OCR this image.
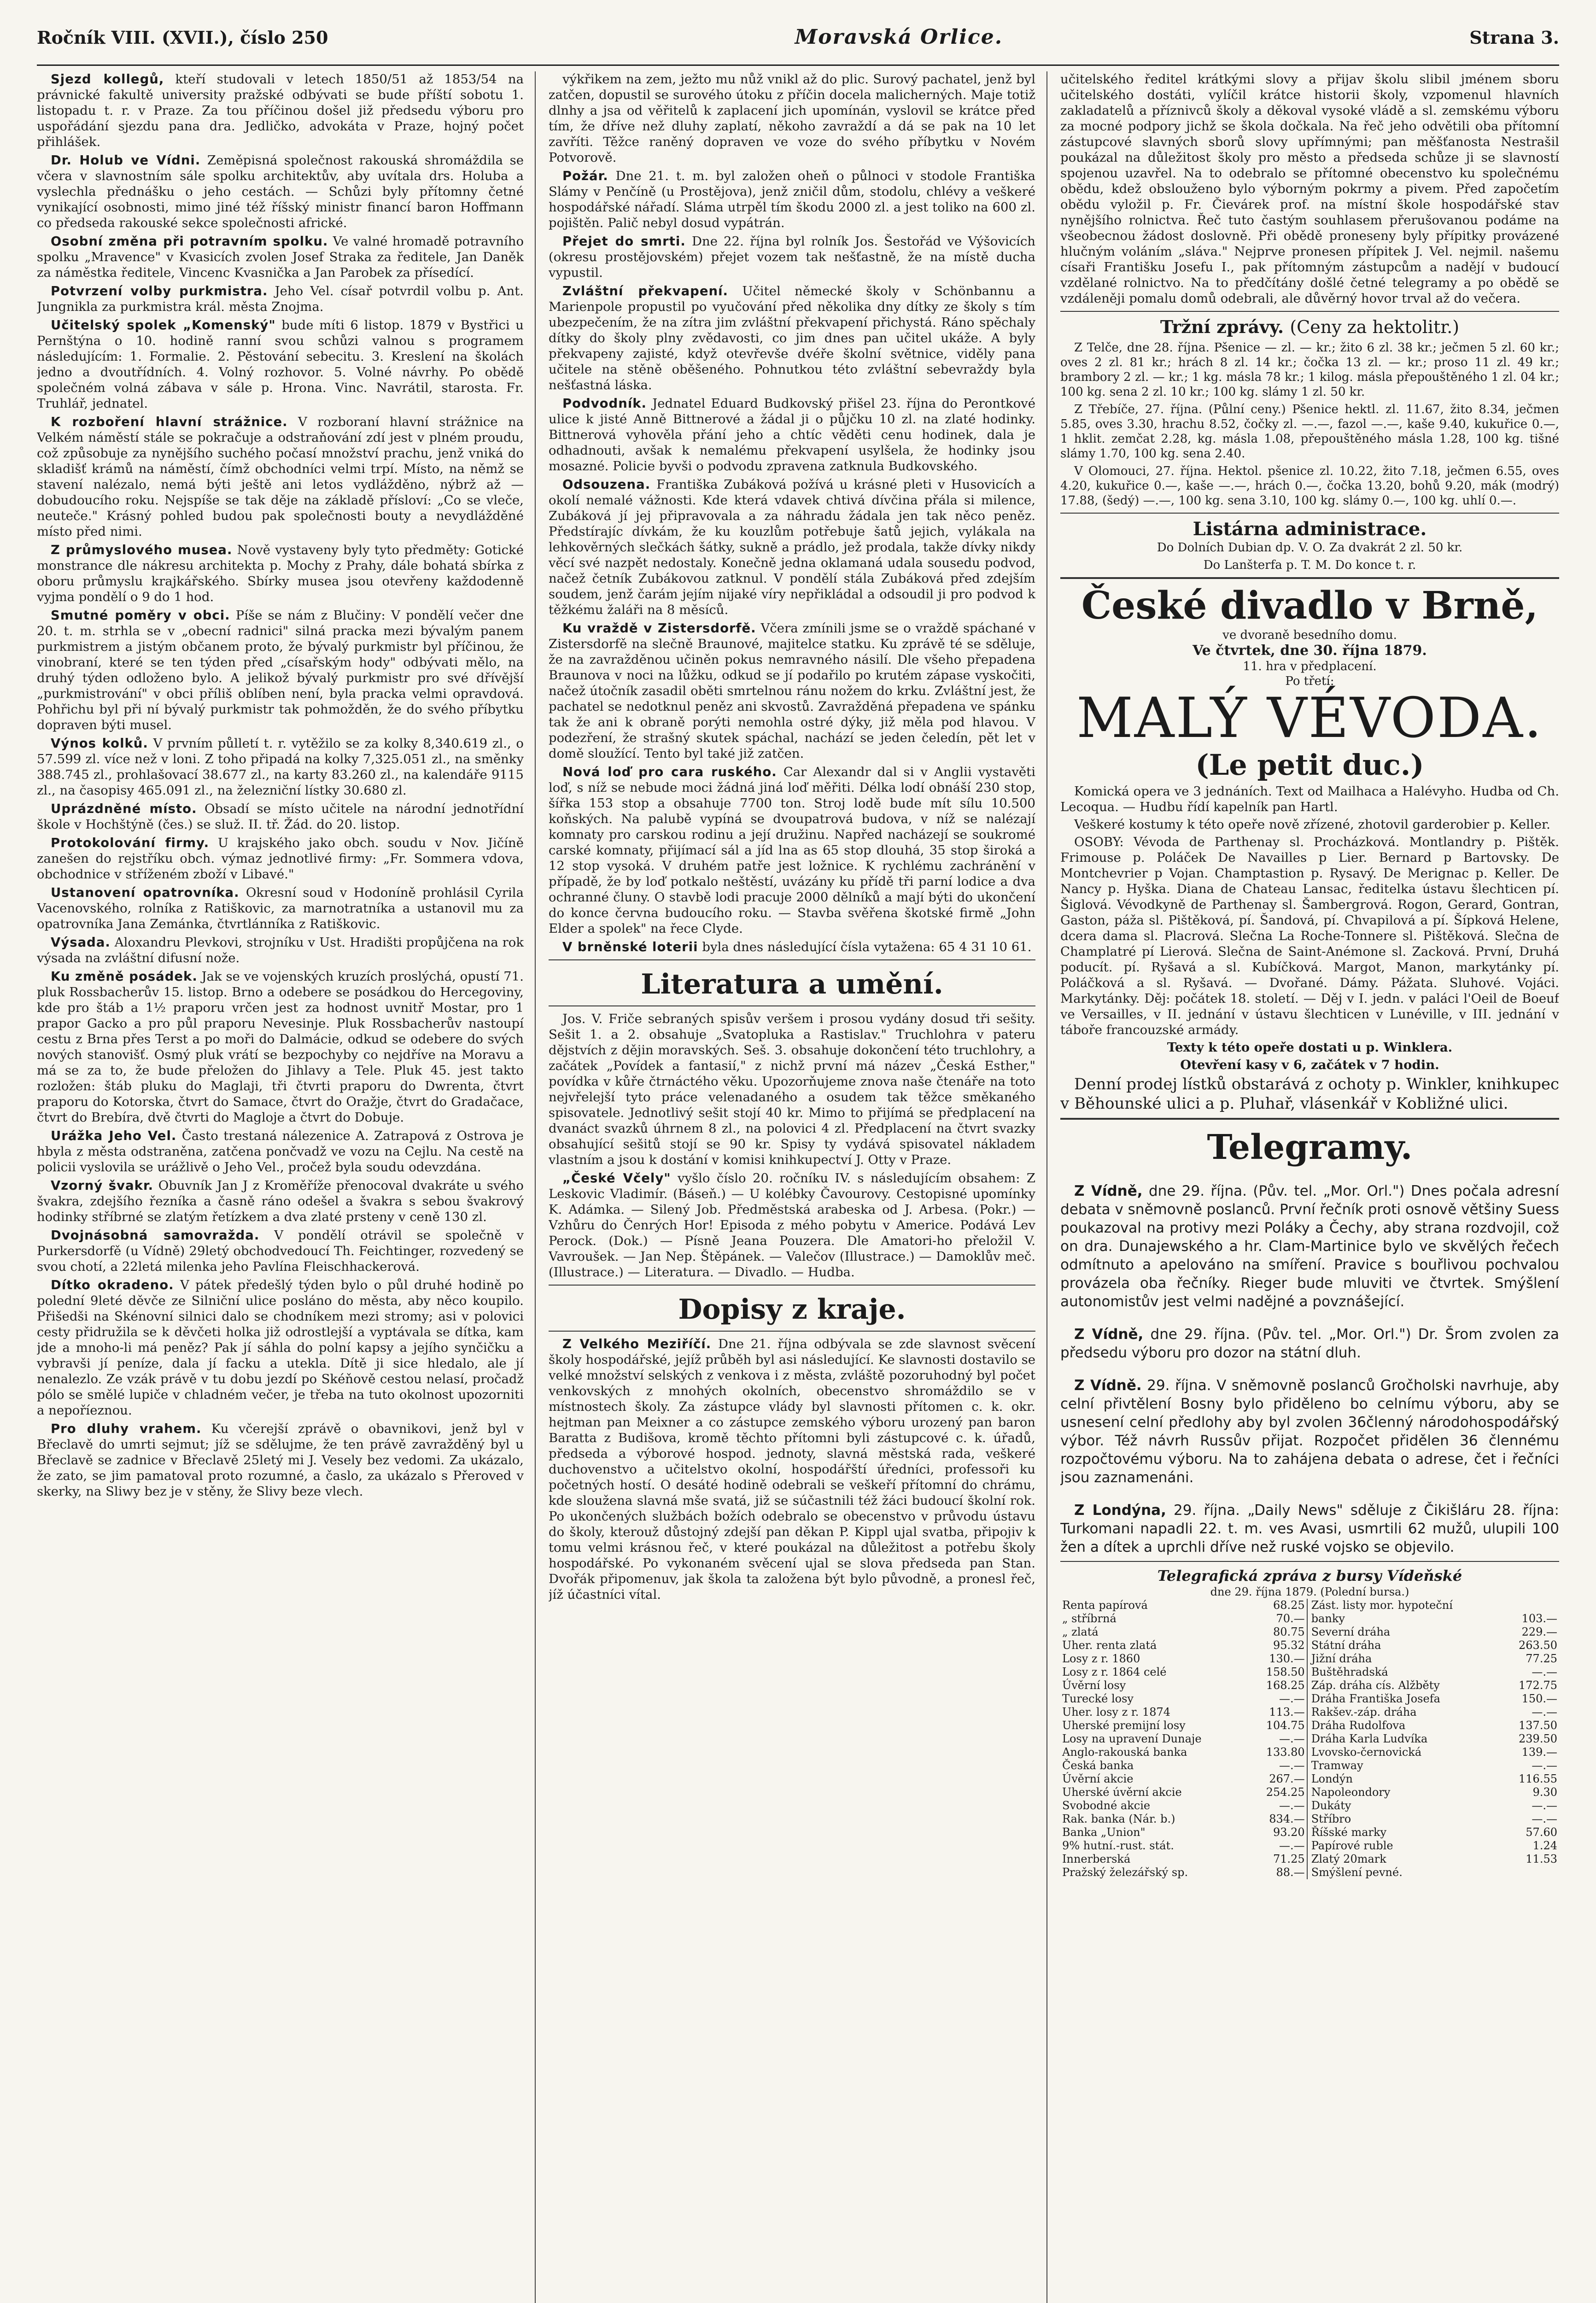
Ročník VIII. (XVII.), číslo 250	Moravská Orlice.	Strana 3.

Sjezd kollegů, kteří studovali v letech 1850/51 až 1853/54 na právnické fakultě university pražské odbývati se bude příští sobotu 1. listopadu t. r. v Praze. Za tou příčinou došel již předsedu výboru pro uspořádání sjezdu pana dra. Jedličko, advokáta v Praze, hojný počet přihlášek.

Dr. Holub ve Vídni. Zeměpisná společnost rakouská shromáždila se včera v slavnostním sále spolku architektův, aby uvítala drs. Holuba a vyslechla přednášku o jeho cestách. — Schůzi byly přítomny četné vynikající osobnosti, mimo jiné též říšský ministr financí baron Hoffmann co předseda rakouské sekce společnosti africké.

Osobní změna při potravním spolku. Ve valné hromadě potravního spolku „Mravence" v Kvasicích zvolen Josef Straka za ředitele, Jan Daněk za náměstka ředitele, Vincenc Kvasnička a Jan Parobek za přísedící.

Potvrzení volby purkmistra. Jeho Vel. císař potvrdil volbu p. Ant. Jungnikla za purkmistra král. města Znojma.

Učitelský spolek „Komenský" bude míti 6 listop. 1879 v Bystřici u Pernštýna o 10. hodině ranní svou schůzi valnou s programem následujícím: 1. Formalie. 2. Pěstování sebecitu. 3. Kreslení na školách jedno a dvoutřídních. 4. Volný rozhovor. 5. Volné návrhy. Po obědě společném volná zábava v sále p. Hrona. Vinc. Navrátil, starosta. Fr. Truhlář, jednatel.

K rozboření hlavní strážnice. V rozboraní hlavní strážnice na Velkém náměstí stále se pokračuje a odstraňování zdí jest v plném proudu, což způsobuje za nynějšího suchého počasí množství prachu, jenž vniká do skladišť krámů na náměstí, čímž obchodníci velmi trpí. Místo, na němž se stavení nalézalo, nemá býti ještě ani letos vydlážděno, nýbrž až — dobudoucího roku. Nejspíše se tak děje na základě přísloví: „Co se vleče, neuteče." Krásný pohled budou pak společnosti bouty a nevydlážděné místo před nimi.

Z průmyslového musea. Nově vystaveny byly tyto předměty: Gotické monstrance dle nákresu architekta p. Mochy z Prahy, dále bohatá sbírka z oboru průmyslu krajkářského. Sbírky musea jsou otevřeny každodenně vyjma pondělí o 9 do 1 hod.

Smutné poměry v obci. Píše se nám z Blučiny: V pondělí večer dne 20. t. m. strhla se v „obecní radnici" silná prackа mezi bývalým panem purkmistrem a jistým občanem proto, že bývalý purkmistr byl příčinou, že vinobraní, které se ten týden před „císařským hody" odbývati mělo, na druhý týden odloženo bylo. A jelikož bývalý purkmistr pro své dřívější „purkmistrování" v obci příliš oblíben není, byla prackа velmi opravdová. Pohřichu byl při ní bývalý purkmistr tak pohmožděn, že do svého příbytku dopraven býti musel.

Výnos kolků. V prvním půlletí t. r. vytěžilo se za kolky 8,340.619 zl., o 57.599 zl. více než v loni. Z toho připadá na kolky 7,325.051 zl., na směnky 388.745 zl., prohlašovací 38.677 zl., na karty 83.260 zl., na kalendáře 9115 zl., na časopisy 465.091 zl., na železniční lístky 30.680 zl.

Uprázdněné místo. Obsadí se místo učitele na národní jednotřídní škole v Hochštýně (čes.) se služ. II. tř. Žád. do 20. listop.

Protokolování firmy. U krajského jako obch. soudu v Nov. Jičíně zanešen do rejstříku obch. výmaz jednotlivé firmy: „Fr. Sommera vdova, obchodnice v stříženém zboží v Libavé."

Ustanovení opatrovníka. Okresní soud v Hodoníně prohlásil Cyrila Vacenovského, rolníka z Ratiškovic, za marnotratníka a ustanovil mu za opatrovníka Jana Zemánka, čtvrtlánníka z Ratiškovic.

Výsada. Aloxandru Plevkovi, strojníku v Ust. Hradišti propůjčena na rok výsada na zvláštní difusní nože.

Ku změně posádek. Jak se ve vojenských kruzích proslýchá, opustí 71. pluk Rossbacherův 15. listop. Brno a odebere se posádkou do Hercegoviny, kde pro štáb a 1½ praporu vrčen jest za hodnost uvnitř Mostar, pro 1 prapor Gacko a pro půl praporu Nevesinje. Pluk Rossbacherův nastoupí cestu z Brna přes Terst a po moři do Dalmácie, odkud se odebere do svých nových stanovišť. Osmý pluk vrátí se bezpochyby co nejdříve na Moravu a má se za to, že bude přeložen do Jihlavy a Tele. Pluk 45. jest takto rozložen: štáb pluku do Maglaji, tři čtvrti praporu do Dwrenta, čtvrt praporu do Kotorska, čtvrt do Samace, čtvrt do Oražje, čtvrt do Gradačace, čtvrt do Brebíra, dvě čtvrti do Magloje a čtvrt do Dobuje.

Urážka Jeho Vel. Často trestaná nálezenice A. Zatrapová z Ostrova je hbyla z města odstraněna, zatčena pončvadž ve vozu na Cejlu. Na cestě na policii vyslovila se urážlivě o Jeho Vel., pročež byla soudu odevzdána.

Vzorný švakr. Obuvník Jan J z Kroměříže přenocoval dvakráte u svého švakra, zdejšího řezníka a časně ráno odešel a švakra s sebou švakrový hodinky stříbrné se zlatým řetízkem a dva zlaté prsteny v ceně 130 zl.

Dvojnásobná samovražda. V pondělí otrávil se společně v Purkersdorfě (u Vídně) 29letý obchodvedoucí Th. Feichtinger, rozvedený se svou chotí, a 22letá milenka jeho Pavlína Fleischhackerová.

Dítko okradeno. V pátek předešlý týden bylo o půl druhé hodině po polední 9leté děvče ze Silniční ulice posláno do města, aby něco koupilo. Přišedši na Skénovní silnici dalo se chodníkem mezi stromy; asi v polovici cesty přidružila se k děvčeti holka již odrostlejší a vyptávala se dítka, kam jde a mnoho-li má peněz? Pak jí sáhla do polní kapsy a jejího synčičku a vybravši jí peníze, dala jí facku a utekla. Dítě ji sice hledalo, ale jí nenalezlo. Ze vzák právě v tu dobu jezdí po Skéňově cestou nelasí, pročadž pólo se smělé lupiče v chladném večer, je třeba na tuto okolnost upozorniti a nepoříeznou.

Pro dluhy vrahem. Ku včerejší zprávě o obavnikovi, jenž byl v Břeclavě do umrti sejmut; jíž se sdělujme, že ten právě zavražděný byl u Břeclavě se zadnice v Břeclavě 25letý mi J. Vesely bez vedomi. Za ukázalo, že zato, se jim pamatoval proto rozumné, a časlo, za ukázalo s Přeroved v skerky, na Sliwy bez je v stěny, že Slivy beze vlech.

výkřikem na zem, ježto mu nůž vnikl až do plic. Surový pachatel, jenž byl zatčen, dopustil se surového útoku z příčin docela malicherných. Maje totiž dlnhy a jsa od věřitelů k zaplacení jich upomínán, vyslovil se krátce před tím, že dříve než dluhy zaplatí, někoho zavraždí a dá se pak na 10 let zavříti. Těžce raněný dopraven ve voze do svého příbytku v Novém Potvorově.

Požár. Dne 21. t. m. byl založen oheň o půlnoci v stodole Františka Slámy v Penčíně (u Prostějova), jenž zničil dům, stodolu, chlévy a veškeré hospodářské nářadí. Sláma utrpěl tím škodu 2000 zl. a jest toliko na 600 zl. pojištěn. Palič nebyl dosud vypátrán.

Přejet do smrti. Dne 22. října byl rolník Jos. Šestořád ve Výšovicích (okresu prostějovském) přejet vozem tak nešťastně, že na místě ducha vypustil.

Zvláštní překvapení. Učitel německé školy v Schönbannu a Marienpole propustil po vyučování před několika dny dítky ze školy s tím ubezpečením, že na zítra jim zvláštní překvapení přichystá. Ráno spěchaly dítky do školy plny zvědavosti, co jim dnes pan učitel ukáže. A byly překvapeny zajisté, když otevřevše dvéře školní světnice, viděly pana učitele na stěně oběšeného. Pohnutkou této zvláštní sebevraždy byla nešťastná láska.

Podvodník. Jednatel Eduard Budkovský přišel 23. října do Perontkové ulice k jisté Anně Bittnerové a žádal ji o půjčku 10 zl. na zlaté hodinky. Bittnerová vyhověla přání jeho a chtíc věděti cenu hodinek, dala je odhadnouti, avšak k nemalému překvapení usylšela, že hodinky jsou mosazné. Policie byvši o podvodu zpravena zatknula Budkovského.

Odsouzena. Františka Zubáková požívá u krásné pleti v Husovicích a okolí nemalé vážnosti. Kde která vdavek chtivá dívčina přála si milence, Zubáková jí jej připravovala a za náhradu žádala jen tak něco peněz. Předstírajíc dívkám, že ku kouzlům potřebuje šatů jejich, vylákala na lehkověrných slečkách šátky, sukně a prádlo, jež prodala, takže dívky nikdy věcí své nazpět nedostaly. Konečně jedna oklamaná udala sousedu podvod, načež četník Zubákovou zatknul. V pondělí stála Zubáková před zdejším soudem, jenž čarám jejím nijaké víry nepřikládal a odsoudil ji pro podvod k těžkému žaláři na 8 měsíců.

Ku vraždě v Zistersdorfě. Včera zmínili jsme se o vraždě spáchané v Zistersdorfě na slečně Braunové, majitelce statku. Ku zprávě té se sděluje, že na zavražděnou učiněn pokus nemravného násilí. Dle všeho přepadena Braunova v noci na lůžku, odkud se jí podařilo po krutém zápase vyskočiti, načež útočník zasadil oběti smrtelnou ránu nožem do krku. Zvláštní jest, že pachatel se nedotknul peněz ani skvostů. Zavražděná přepadena ve spánku tak že ani k obraně porýti nemohla ostré dýky, již měla pod hlavou. V podezření, že strašný skutek spáchal, nachází se jeden čeledín, pět let v domě sloužící. Tento byl také již zatčen.

Nová loď pro cara ruského. Car Alexandr dal si v Anglii vystavěti loď, s níž se nebude moci žádná jiná loď měřiti. Délka lodí obnáší 230 stop, šířka 153 stop a obsahuje 7700 ton. Stroj lodě bude mít sílu 10.500 koňských. Na palubě vypíná se dvoupatrová budova, v níž se nalézají komnaty pro carskou rodinu a její družinu. Napřed nacházejí se soukromé carské komnaty, přijímací sál a jíd lna as 65 stop dlouhá, 35 stop široká a 12 stop vysoká. V druhém patře jest ložnice. K rychlému zachránění v případě, že by loď potkalo neštěstí, uvázány ku přídě tři parní lodice a dva ochranné čluny. O stavbě lodi pracuje 2000 dělníků a mají býti do ukončení do konce června budoucího roku. — Stavba svěřena škotské firmě „John Elder a spolek" na řece Clyde.

V brněnské loterii byla dnes následující čísla vytažena: 65 4 31 10 61.

Literatura a umění.

Jos. V. Friče sebraných spisův veršem i prosou vydány dosud tři sešity. Sešit 1. a 2. obsahuje „Svatopluka a Rastislav." Truchlohra v pateru dějstvích z dějin moravských. Seš. 3. obsahuje dokončení této truchlohry, a začátek „Povídek a fantasií," z nichž první má název „Česká Esther," povídka v kůře čtrnáctého věku. Upozorňujeme znova naše čtenáře na toto nejvřelejší tyto práce velenadaného a osudem tak těžce směkaného spisovatele. Jednotlivý sešit stojí 40 kr. Mimo to přijímá se předplacení na dvanáct svazků úhrnem 8 zl., na polovici 4 zl. Předplacení na čtvrt svazky obsahující sešitů stojí se 90 kr. Spisy ty vydává spisovatel nákladem vlastním a jsou k dostání v komisi knihkupectví J. Otty v Praze.

„České Včely" vyšlo číslo 20. ročníku IV. s následujícím obsahem: Z Leskovic Vladimír. (Báseň.) — U kolébky Čavourovy. Cestopisné upomínky K. Adámka. — Silený Job. Předměstská arabeska od J. Arbesa. (Pokr.) — Vzhůru do Čenrých Hor! Episoda z mého pobytu v Americe. Podává Lev Perock. (Dok.) — Písně Jeana Pouzera. Dle Amatori-ho přeložil V. Vavroušek. — Jan Nep. Štěpánek. — Valečov (Illustrace.) — Damoklův meč. (Illustrace.) — Literatura. — Divadlo. — Hudba.

Dopisy z kraje.

Z Velkého Meziříčí. Dne 21. října odbývala se zde slavnost svěcení školy hospodářské, jejíž průběh byl asi následující. Ke slavnosti dostavilo se velké množství selských z venkova i z města, zvláště pozoruhodný byl počet venkovských z mnohých okolních, obecenstvo shromáždilo se v místnostech školy. Za zástupce vlády byl slavnosti přítomen c. k. okr. hejtman pan Meixner a co zástupce zemského výboru urozený pan baron Baratta z Budišova, kromě těchto přítomni byli zástupcové c. k. úřadů, předseda a výborové hospod. jednoty, slavná městská rada, veškeré duchovenstvo a učitelstvo okolní, hospodářští úředníci, professoři ku početných hostí. O desáté hodině odebrali se veškeří přítomní do chrámu, kde sloužena slavná mše svatá, již se súčastnili též žáci budoucí školní rok. Po ukončených službách božích odebralo se obecenstvo v průvodu ústavu do školy, kterouž důstojný zdejší pan děkan P. Kippl ujal svatba, připojiv k tomu velmi krásnou řeč, v které poukázal na důležitost a potřebu školy hospodářské. Po vykonaném svěcení ujal se slova předseda pan Stan. Dvořák připomenuv, jak škola ta založena být bylo původně, a pronesl řeč, jíž účastníci vítal.

učitelského ředitel krátkými slovy a přijav školu slibil jménem sboru učitelského dostáti, vylíčil krátce historii školy, vzpomenul hlavních zakladatelů a příznivců školy a děkoval vysoké vládě a sl. zemskému výboru za mocné podpory jichž se škola dočkala. Na řeč jeho odvětili oba přítomní zástupcové slavných sborů slovy upřímnými; pan měšťanosta Nestrašil poukázal na důležitost školy pro město a předseda schůze ji se slavností spojenou uzavřel. Na to odebralo se přítomné obecenstvo ku společnému obědu, kdež obslouženo bylo výborným pokrmy a pivem. Před započetím obědu vyložil p. Fr. Čievárek prof. na místní škole hospodářské stav nynějšího rolnictva. Řeč tuto častým souhlasem přerušovanou podáme na všeobecnou žádost doslovně. Při obědě proneseny byly přípitky provázené hlučným voláním „sláva." Nejprve pronesen přípitek J. Vel. nejmil. našemu císaři Františku Josefu I., pak přítomným zástupcům a nadějí v budoucí vzdělané rolnictvo. Na to předčítány došlé četné telegramy a po obědě se vzdáleněji pomalu domů odebrali, ale důvěrný hovor trval až do večera.

Tržní zprávy. (Ceny za hektolitr.)

Z Telče, dne 28. října. Pšenice — zl. — kr.; žito 6 zl. 38 kr.; ječmen 5 zl. 60 kr.; oves 2 zl. 81 kr.; hrách 8 zl. 14 kr.; čočka 13 zl. — kr.; proso 11 zl. 49 kr.; brambory 2 zl. — kr.; 1 kg. másla 78 kr.; 1 kilog. másla přepouštěného 1 zl. 04 kr.; 100 kg. sena 2 zl. 10 kr.; 100 kg. slámy 1 zl. 50 kr.

Z Třebíče, 27. října. (Půlní ceny.) Pšenice hektl. zl. 11.67, žito 8.34, ječmen 5.85, oves 3.30, hrachu 8.52, čočky zl. —.—, fazol —.—, kaše 9.40, kukuřice 0.—, 1 hklit. zemčat 2.28, kg. másla 1.08, přepouštěného másla 1.28, 100 kg. tišné slámy 1.70, 100 kg. sena 2.40.

V Olomouci, 27. října. Hektol. pšenice zl. 10.22, žito 7.18, ječmen 6.55, oves 4.20, kukuřice 0.—, kaše —.—, hrách 0.—, čočka 13.20, bohů 9.20, mák (modrý) 17.88, (šedý) —.—, 100 kg. sena 3.10, 100 kg. slámy 0.—, 100 kg. uhlí 0.—.

Listárna administrace.

Do Dolních Dubian dp. V. O. Za dvakrát 2 zl. 50 kr.

Do Lanšterfa p. T. M. Do konce t. r.

České divadlo v Brně,
ve dvoraně besedního domu.
Ve čtvrtek, dne 30. října 1879.
11. hra v předplacení.
Po třetí:
MALÝ VÉVODA.
(Le petit duc.)

Komická opera ve 3 jednáních. Text od Mailhaca a Halévyho. Hudba od Ch. Lecoqua. — Hudbu řídí kapelník pan Hartl.

Veškeré kostumy k této opeře nově zřízené, zhotovil garderobier p. Keller.

OSOBY: Vévoda de Parthenay sl. Procházková. Montlandry p. Pištěk. Frimouse p. Poláček De Navailles p Lier. Bernard p Bartovsky. De Montchevrier p Vojan. Champtastion p. Rysavý. De Merignac p. Keller. De Nancy p. Hyška. Diana de Chateau Lansac, ředitelka ústavu šlechticen pí. Šiglová. Vévodkyně de Parthenay sl. Šambergrová. Rogon, Gerard, Gontran, Gaston, páža sl. Pištěková, pí. Šandová, pí. Chvapilová a pí. Šípková Helene, dcera dama sl. Placrová. Slečna La Roche-Tonnere sl. Pištěková. Slečna de Champlatré pí Lierová. Slečna de Saint-Anémone sl. Zacková. První, Druhá poducít. pí. Ryšavá a sl. Kubíčková. Margot, Manon, markytánky pí. Poláčková a sl. Ryšavá. — Dvořané. Dámy. Pážata. Sluhové. Vojáci. Markytánky. Děj: počátek 18. století. — Děj v I. jedn. v paláci l'Oeil de Boeuf ve Versailles, v II. jednání v ústavu šlechticen v Lunéville, v III. jednání v táboře francouzské armády.

Texty k této opeře dostati u p. Winklera.

Otevření kasy v 6, začátek v 7 hodin.

Denní prodej lístků obstarává z ochoty p. Winkler, knihkupec v Běhounské ulici a p. Pluhař, vlásenkář v Kobližné ulici.

Telegramy.

Z Vídně, dne 29. října. (Pův. tel. „Mor. Orl.") Dnes počala adresní debata v sněmovně poslanců. První řečník proti osnově většiny Suess poukazoval na protivy mezi Poláky a Čechy, aby strana rozdvojil, což on dra. Dunajewského a hr. Clam-Martinice bylo ve skvělých řečech odmítnuto a apelováno na smíření. Pravice s bouřlivou pochvalou provázela oba řečníky. Rieger bude mluviti ve čtvrtek. Smýšlení autonomistův jest velmi nadějné a povznášející.

Z Vídně, dne 29. října. (Pův. tel. „Mor. Orl.") Dr. Šrom zvolen za předsedu výboru pro dozor na státní dluh.

Z Vídně. 29. října. V sněmovně poslanců Gročholski navrhuje, aby celní přivtělení Bosny bylo přiděleno bo celnímu výboru, aby se usnesení celní předlohy aby byl zvolen 36členný národohospodářský výbor. Též návrh Russův přijat. Rozpočet přidělen 36 člennému rozpočtovému výboru. Na to zahájena debata o adrese, čet i řečníci jsou zaznamenáni.

Z Londýna, 29. října. „Daily News" sděluje z Čikišláru 28. října: Turkomani napadli 22. t. m. ves Avasi, usmrtili 62 mužů, ulupili 100 žen a dítek a uprchli dříve než ruské vojsko se objevilo.

Telegrafická zpráva z bursy Vídeňské
dne 29. října 1879. (Polední bursa.)
Renta papírová	68.25	Zást. listy mor. hypoteční	
„ stříbrná	70.—	banky	103.—
„ zlatá	80.75	Severní dráha	229.—
Uher. renta zlatá	95.32	Státní dráha	263.50
Losy z r. 1860	130.—	Jižní dráha	77.25
Losy z r. 1864 celé	158.50	Buštěhradská	—.—
Úvěrní losy	168.25	Záp. dráha cís. Alžběty	172.75
Turecké losy	—.—	Dráha Františka Josefa	150.—
Uher. losy z r. 1874	113.—	Rakšev.-záp. dráha	—.—
Uherské premijní losy	104.75	Dráha Rudolfova	137.50
Losy na upravení Dunaje	—.—	Dráha Karla Ludvíka	239.50
Anglo-rakouská banka	133.80	Lvovsko-černovická	139.—
Česká banka	—.—	Tramway	—.—
Úvěrní akcie	267.—	Londýn	116.55
Uherské úvěrní akcie	254.25	Napoleondory	9.30
Svobodné akcie	—.—	Dukáty	—.—
Rak. banka (Nár. b.)	834.—	Stříbro	—.—
Banka „Union"	93.20	Říšské marky	57.60
9% hutní.-rust. stát.	—.—	Papírové ruble	1.24
Innerberská	71.25	Zlatý 20mark	11.53
Pražský železářský sp.	88.—	Smýšlení pevné.	
